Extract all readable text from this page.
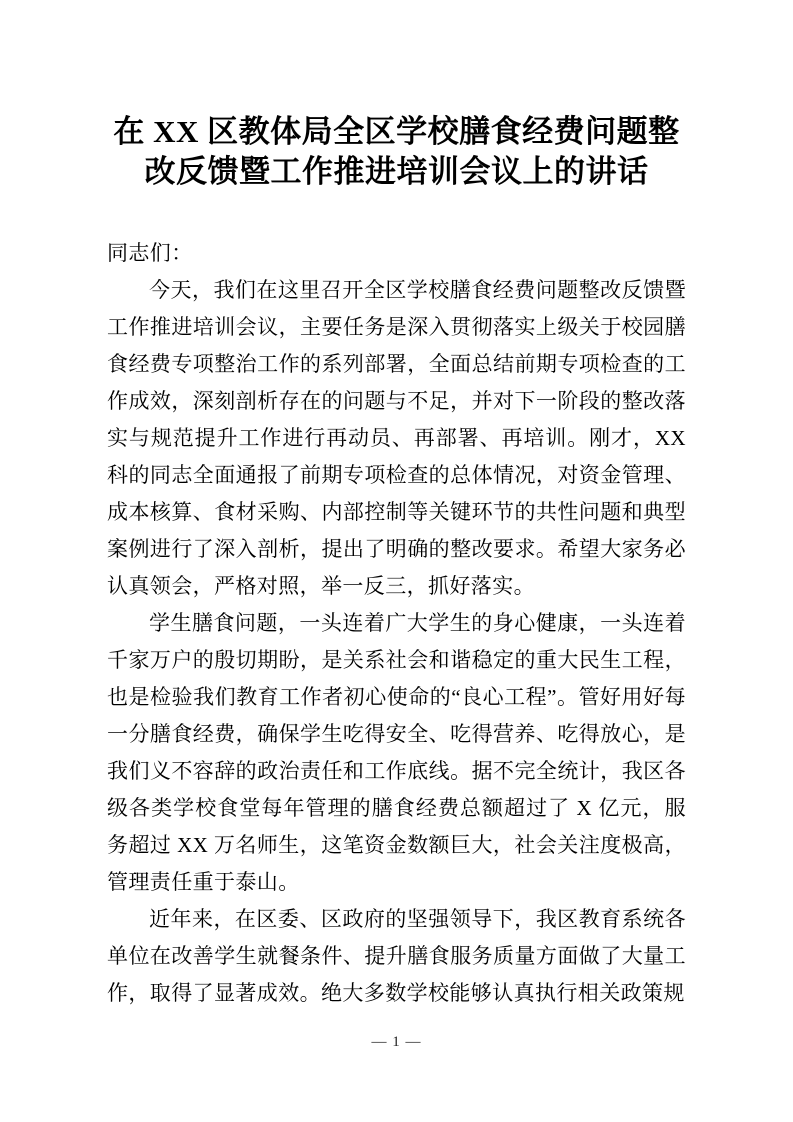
在 XX 区教体局全区学校膳食经费问题整
改反馈暨工作推进培训会议上的讲话

同志们：

今天，我们在这里召开全区学校膳食经费问题整改反馈暨工作推进培训会议，主要任务是深入贯彻落实上级关于校园膳食经费专项整治工作的系列部署，全面总结前期专项检查的工作成效，深刻剖析存在的问题与不足，并对下一阶段的整改落实与规范提升工作进行再动员、再部署、再培训。刚才，XX 科的同志全面通报了前期专项检查的总体情况，对资金管理、成本核算、食材采购、内部控制等关键环节的共性问题和典型案例进行了深入剖析，提出了明确的整改要求。希望大家务必认真领会，严格对照，举一反三，抓好落实。

学生膳食问题，一头连着广大学生的身心健康，一头连着千家万户的殷切期盼，是关系社会和谐稳定的重大民生工程，也是检验我们教育工作者初心使命的“良心工程”。管好用好每一分膳食经费，确保学生吃得安全、吃得营养、吃得放心，是我们义不容辞的政治责任和工作底线。据不完全统计，我区各级各类学校食堂每年管理的膳食经费总额超过了 X 亿元，服务超过 XX 万名师生，这笔资金数额巨大，社会关注度极高，管理责任重于泰山。

近年来，在区委、区政府的坚强领导下，我区教育系统各单位在改善学生就餐条件、提升膳食服务质量方面做了大量工作，取得了显著成效。绝大多数学校能够认真执行相关政策规

— 1 —
